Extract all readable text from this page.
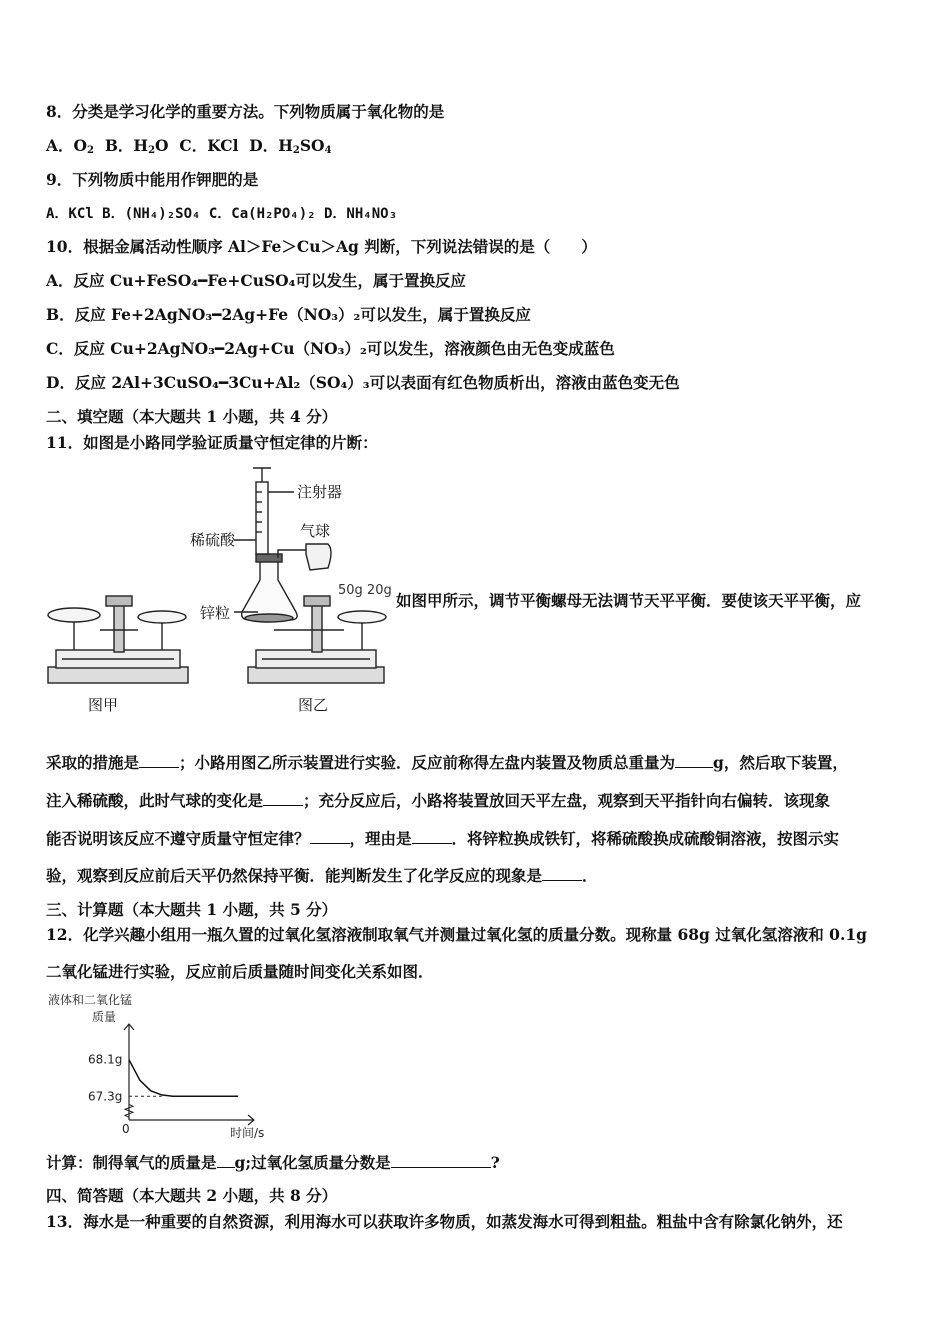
8．分类是学习化学的重要方法。下列物质属于氧化物的是
A．$O_2$ B．$H_2O$ C．KCl D．$H_2SO_4$
9．下列物质中能用作钾肥的是
A．KCl B．(NH₄)₂SO₄ C．Ca(H₂PO₄)₂ D．NH₄NO₃
10．根据金属活动性顺序 Al＞Fe＞Cu＞Ag 判断，下列说法错误的是（　　）
A．反应 Cu+FeSO₄━Fe+CuSO₄可以发生，属于置换反应
B．反应 Fe+2AgNO₃━2Ag+Fe（NO₃）₂可以发生，属于置换反应
C．反应 Cu+2AgNO₃━2Ag+Cu（NO₃）₂可以发生，溶液颜色由无色变成蓝色
D．反应 2Al+3CuSO₄━3Cu+Al₂（SO₄）₃可以表面有红色物质析出，溶液由蓝色变无色
二、填空题（本大题共 1 小题，共 4 分）
11．如图是小路同学验证质量守恒定律的片断：
注射器
稀硫酸	气球
锌粒
50g 20g
图甲	图乙
如图甲所示，调节平衡螺母无法调节天平平衡．要使该天平平衡，应
采取的措施是	；小路用图乙所示装置进行实验．反应前称得左盘内装置及物质总重量为 g，然后取下装置，
注入稀硫酸，此时气球的变化是	；充分反应后，小路将装置放回天平左盘，观察到天平指针向右偏转．该现象
能否说明该反应不遵守质量守恒定律？	，理由是	．将锌粒换成铁钉，将稀硫酸换成硫酸铜溶液，按图示实
验，观察到反应前后天平仍然保持平衡．能判断发生了化学反应的现象是	．
三、计算题（本大题共 1 小题，共 5 分）
12．化学兴趣小组用一瓶久置的过氧化氢溶液制取氧气并测量过氧化氢的质量分数。现称量 68g 过氧化氢溶液和 0.1g
二氧化锰进行实验，反应前后质量随时间变化关系如图．
液体和二氧化锰
质量
0	时间/s
68.1g
67.3g
计算：制得氧气的质量是 g;过氧化氢质量分数是	?
四、简答题（本大题共 2 小题，共 8 分）
13．海水是一种重要的自然资源，利用海水可以获取许多物质，如蒸发海水可得到粗盐。粗盐中含有除氯化钠外，还
